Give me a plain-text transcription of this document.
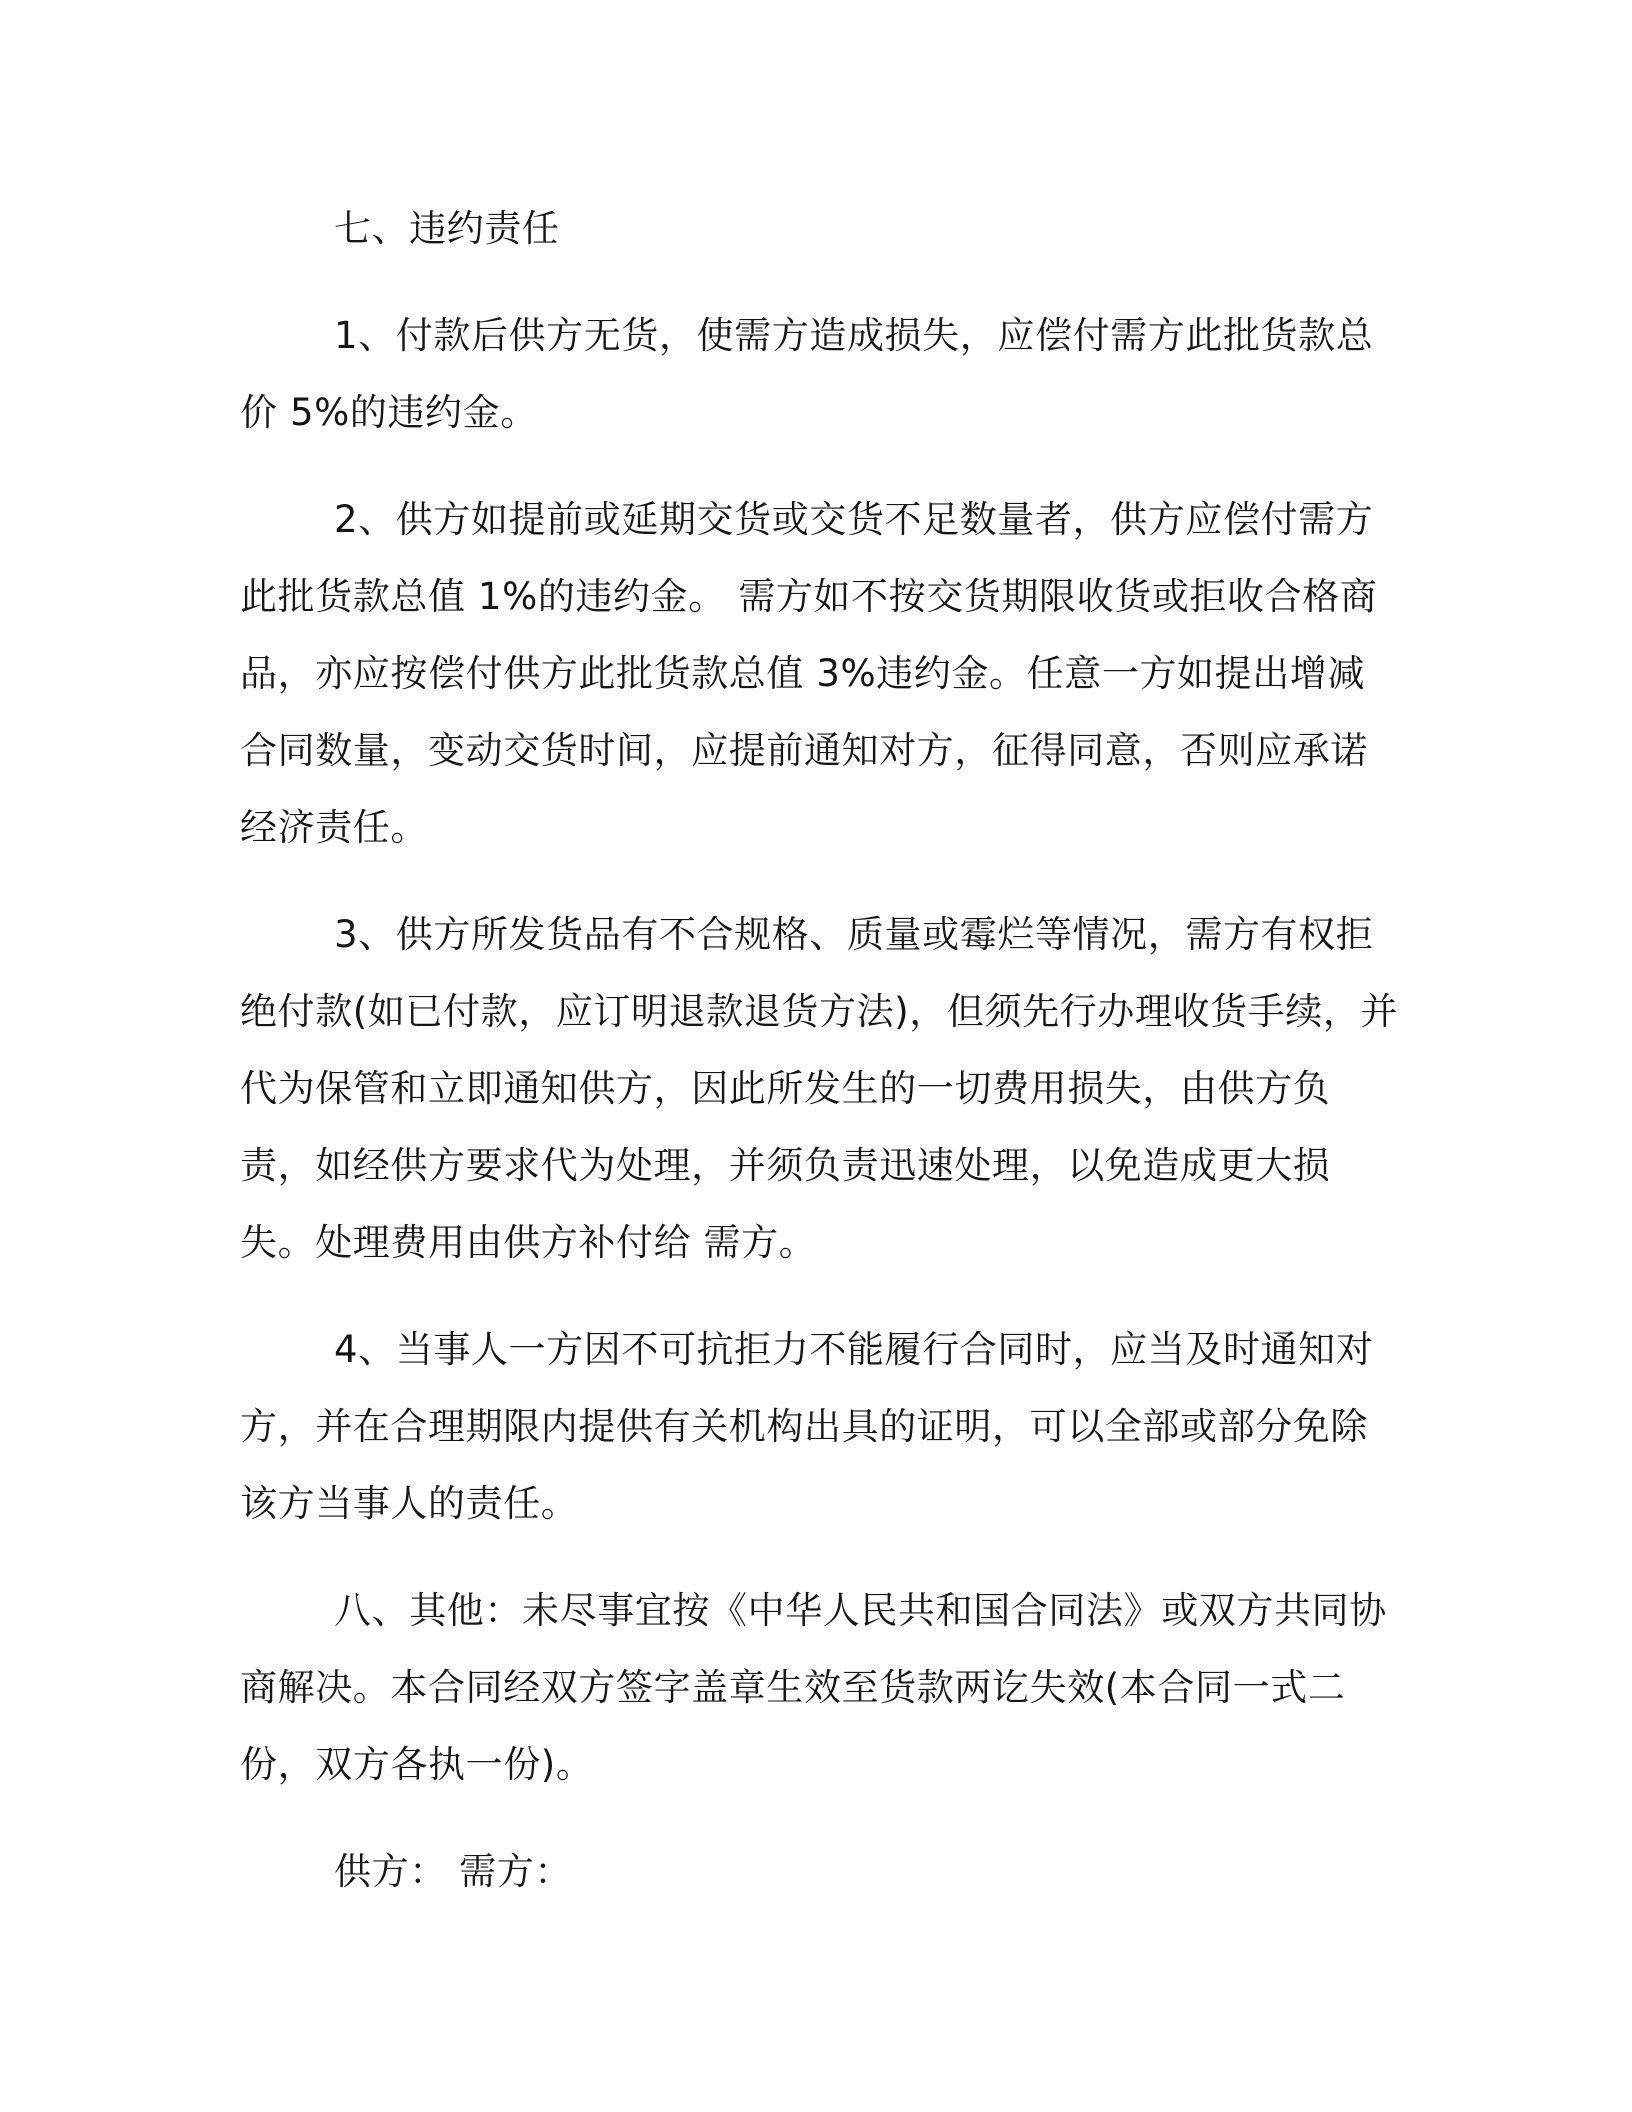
七、违约责任

1、付款后供方无货，使需方造成损失，应偿付需方此批货款总价 5%的违约金。

2、供方如提前或延期交货或交货不足数量者，供方应偿付需方此批货款总值 1%的违约金。 需方如不按交货期限收货或拒收合格商品，亦应按偿付供方此批货款总值 3%违约金。任意一方如提出增减合同数量，变动交货时间，应提前通知对方，征得同意，否则应承诺经济责任。

3、供方所发货品有不合规格、质量或霉烂等情况，需方有权拒绝付款(如已付款，应订明退款退货方法)，但须先行办理收货手续，并代为保管和立即通知供方，因此所发生的一切费用损失，由供方负责，如经供方要求代为处理，并须负责迅速处理，以免造成更大损失。处理费用由供方补付给 需方。

4、当事人一方因不可抗拒力不能履行合同时，应当及时通知对方，并在合理期限内提供有关机构出具的证明，可以全部或部分免除该方当事人的责任。

八、其他：未尽事宜按《中华人民共和国合同法》或双方共同协商解决。本合同经双方签字盖章生效至货款两讫失效(本合同一式二份，双方各执一份)。

供方： 需方：
